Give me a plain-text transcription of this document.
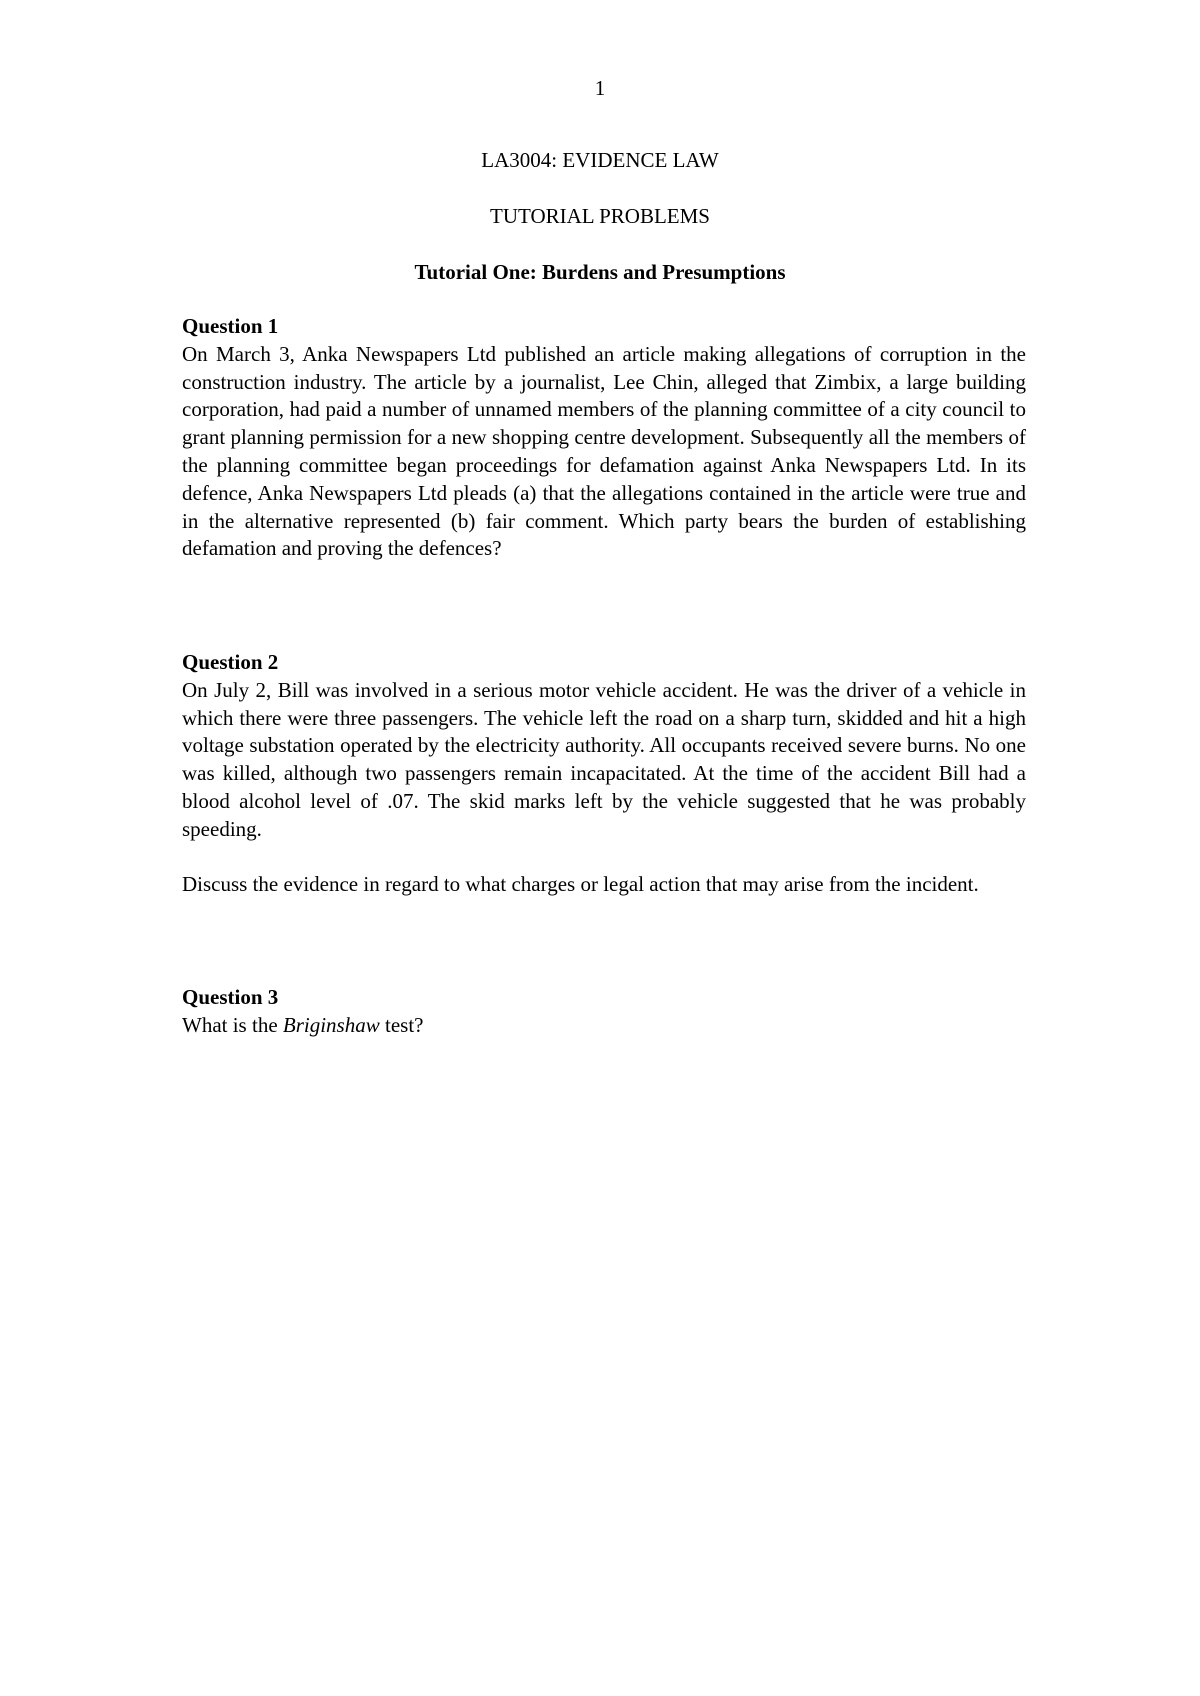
1
LA3004: EVIDENCE LAW
TUTORIAL PROBLEMS
Tutorial One: Burdens and Presumptions
Question 1

On March 3, Anka Newspapers Ltd published an article making allegations of corruption in the construction industry. The article by a journalist, Lee Chin, alleged that Zimbix, a large building corporation, had paid a number of unnamed members of the planning committee of a city council to grant planning permission for a new shopping centre development. Subsequently all the members of the planning committee began proceedings for defamation against Anka Newspapers Ltd. In its defence, Anka Newspapers Ltd pleads (a) that the allegations contained in the article were true and in the alternative represented (b) fair comment. Which party bears the burden of establishing defamation and proving the defences?

Question 2

On July 2, Bill was involved in a serious motor vehicle accident. He was the driver of a vehicle in which there were three passengers. The vehicle left the road on a sharp turn, skidded and hit a high voltage substation operated by the electricity authority. All occupants received severe burns. No one was killed, although two passengers remain incapacitated. At the time of the accident Bill had a blood alcohol level of .07. The skid marks left by the vehicle suggested that he was probably speeding.

Discuss the evidence in regard to what charges or legal action that may arise from the incident.

Question 3

What is the Briginshaw test?
